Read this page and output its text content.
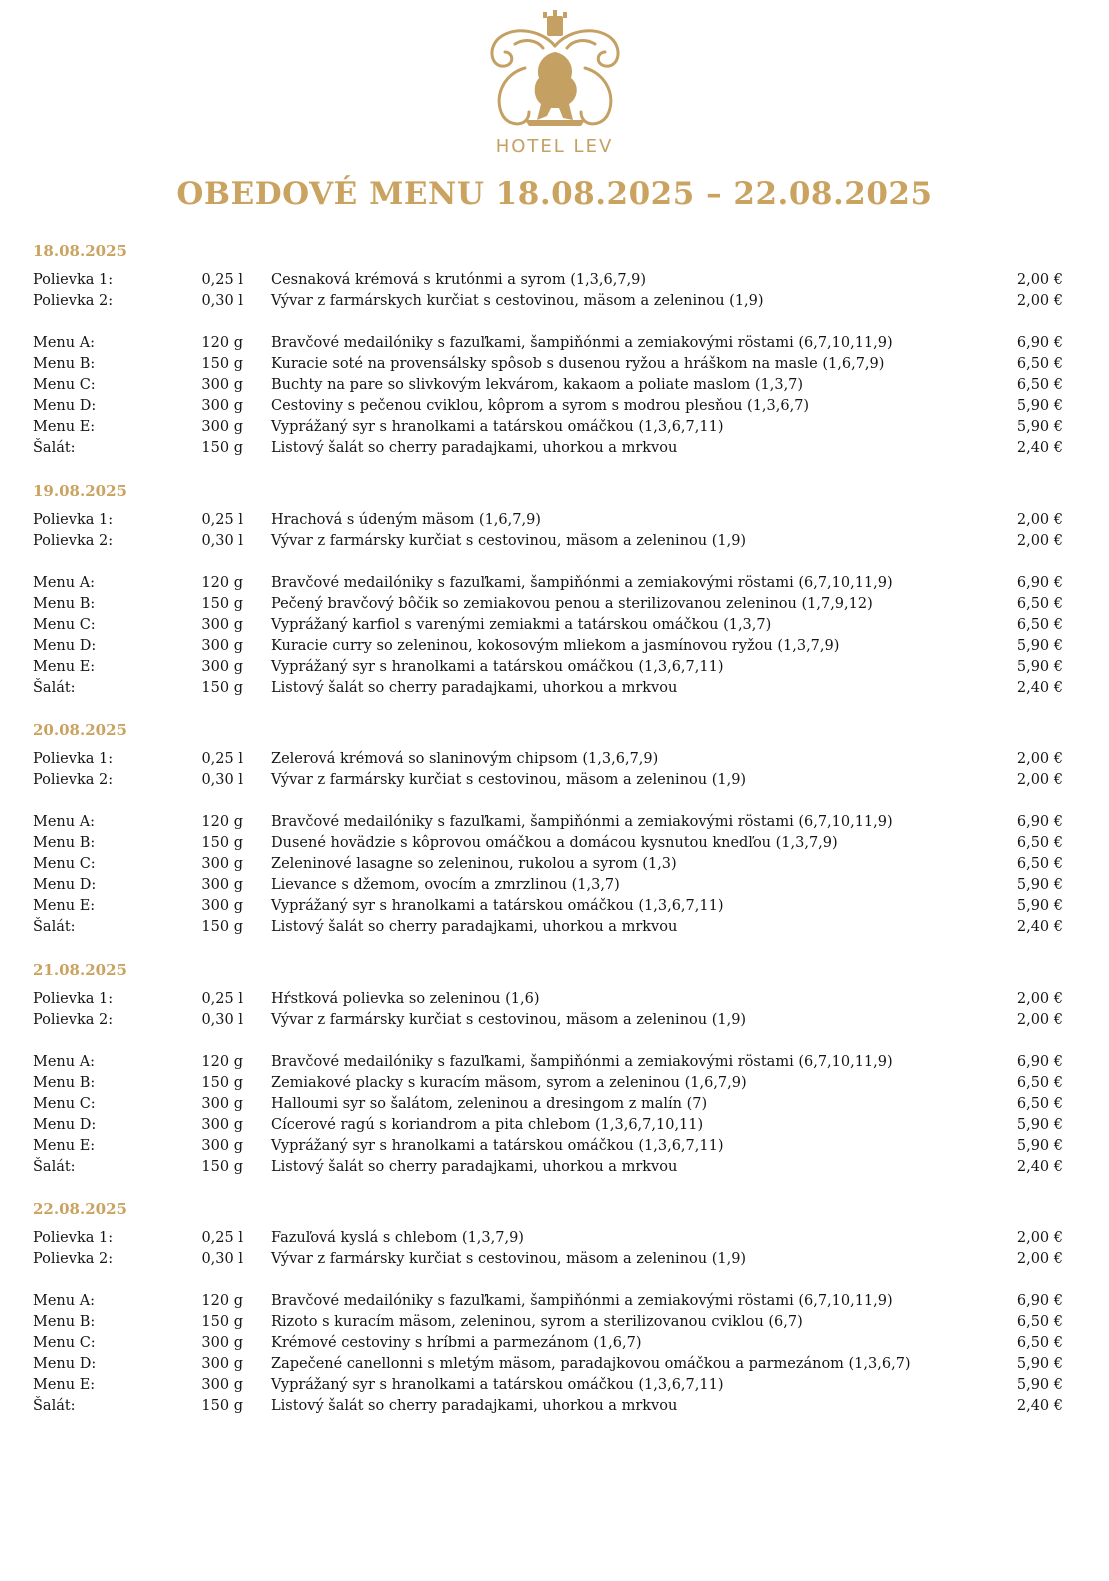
HOTEL LEV
OBEDOVÉ MENU 18.08.2025 – 22.08.2025
18.08.2025
Polievka 1:	0,25 l	Cesnaková krémová s krutónmi a syrom (1,3,6,7,9)	2,00 €
Polievka 2:	0,30 l	Vývar z farmárskych kurčiat s cestovinou, mäsom a zeleninou (1,9)	2,00 €
Menu A:	120 g	Bravčové medailóniky s fazuľkami, šampiňónmi a zemiakovými röstami (6,7,10,11,9)	6,90 €
Menu B:	150 g	Kuracie soté na provensálsky spôsob s dusenou ryžou a hráškom na masle (1,6,7,9)	6,50 €
Menu C:	300 g	Buchty na pare so slivkovým lekvárom, kakaom a poliate maslom (1,3,7)	6,50 €
Menu D:	300 g	Cestoviny s pečenou cviklou, kôprom a syrom s modrou plesňou (1,3,6,7)	5,90 €
Menu E:	300 g	Vyprážaný syr s hranolkami a tatárskou omáčkou (1,3,6,7,11)	5,90 €
Šalát:	150 g	Listový šalát so cherry paradajkami, uhorkou a mrkvou	2,40 €
19.08.2025
Polievka 1:	0,25 l	Hrachová s údeným mäsom (1,6,7,9)	2,00 €
Polievka 2:	0,30 l	Vývar z farmársky kurčiat s cestovinou, mäsom a zeleninou (1,9)	2,00 €
Menu A:	120 g	Bravčové medailóniky s fazuľkami, šampiňónmi a zemiakovými röstami (6,7,10,11,9)	6,90 €
Menu B:	150 g	Pečený bravčový bôčik so zemiakovou penou a sterilizovanou zeleninou (1,7,9,12)	6,50 €
Menu C:	300 g	Vyprážaný karfiol s varenými zemiakmi a tatárskou omáčkou (1,3,7)	6,50 €
Menu D:	300 g	Kuracie curry so zeleninou, kokosovým mliekom a jasmínovou ryžou (1,3,7,9)	5,90 €
Menu E:	300 g	Vyprážaný syr s hranolkami a tatárskou omáčkou (1,3,6,7,11)	5,90 €
Šalát:	150 g	Listový šalát so cherry paradajkami, uhorkou a mrkvou	2,40 €
20.08.2025
Polievka 1:	0,25 l	Zelerová krémová so slaninovým chipsom (1,3,6,7,9)	2,00 €
Polievka 2:	0,30 l	Vývar z farmársky kurčiat s cestovinou, mäsom a zeleninou (1,9)	2,00 €
Menu A:	120 g	Bravčové medailóniky s fazuľkami, šampiňónmi a zemiakovými röstami (6,7,10,11,9)	6,90 €
Menu B:	150 g	Dusené hovädzie s kôprovou omáčkou a domácou kysnutou knedľou (1,3,7,9)	6,50 €
Menu C:	300 g	Zeleninové lasagne so zeleninou, rukolou a syrom (1,3)	6,50 €
Menu D:	300 g	Lievance s džemom, ovocím a zmrzlinou (1,3,7)	5,90 €
Menu E:	300 g	Vyprážaný syr s hranolkami a tatárskou omáčkou (1,3,6,7,11)	5,90 €
Šalát:	150 g	Listový šalát so cherry paradajkami, uhorkou a mrkvou	2,40 €
21.08.2025
Polievka 1:	0,25 l	Hŕstková polievka so zeleninou (1,6)	2,00 €
Polievka 2:	0,30 l	Vývar z farmársky kurčiat s cestovinou, mäsom a zeleninou (1,9)	2,00 €
Menu A:	120 g	Bravčové medailóniky s fazuľkami, šampiňónmi a zemiakovými röstami (6,7,10,11,9)	6,90 €
Menu B:	150 g	Zemiakové placky s kuracím mäsom, syrom a zeleninou (1,6,7,9)	6,50 €
Menu C:	300 g	Halloumi syr so šalátom, zeleninou a dresingom z malín (7)	6,50 €
Menu D:	300 g	Cícerové ragú s koriandrom a pita chlebom (1,3,6,7,10,11)	5,90 €
Menu E:	300 g	Vyprážaný syr s hranolkami a tatárskou omáčkou (1,3,6,7,11)	5,90 €
Šalát:	150 g	Listový šalát so cherry paradajkami, uhorkou a mrkvou	2,40 €
22.08.2025
Polievka 1:	0,25 l	Fazuľová kyslá s chlebom (1,3,7,9)	2,00 €
Polievka 2:	0,30 l	Vývar z farmársky kurčiat s cestovinou, mäsom a zeleninou (1,9)	2,00 €
Menu A:	120 g	Bravčové medailóniky s fazuľkami, šampiňónmi a zemiakovými röstami (6,7,10,11,9)	6,90 €
Menu B:	150 g	Rizoto s kuracím mäsom, zeleninou, syrom a sterilizovanou cviklou (6,7)	6,50 €
Menu C:	300 g	Krémové cestoviny s hríbmi a parmezánom (1,6,7)	6,50 €
Menu D:	300 g	Zapečené canellonni s mletým mäsom, paradajkovou omáčkou a parmezánom (1,3,6,7)	5,90 €
Menu E:	300 g	Vyprážaný syr s hranolkami a tatárskou omáčkou (1,3,6,7,11)	5,90 €
Šalát:	150 g	Listový šalát so cherry paradajkami, uhorkou a mrkvou	2,40 €
